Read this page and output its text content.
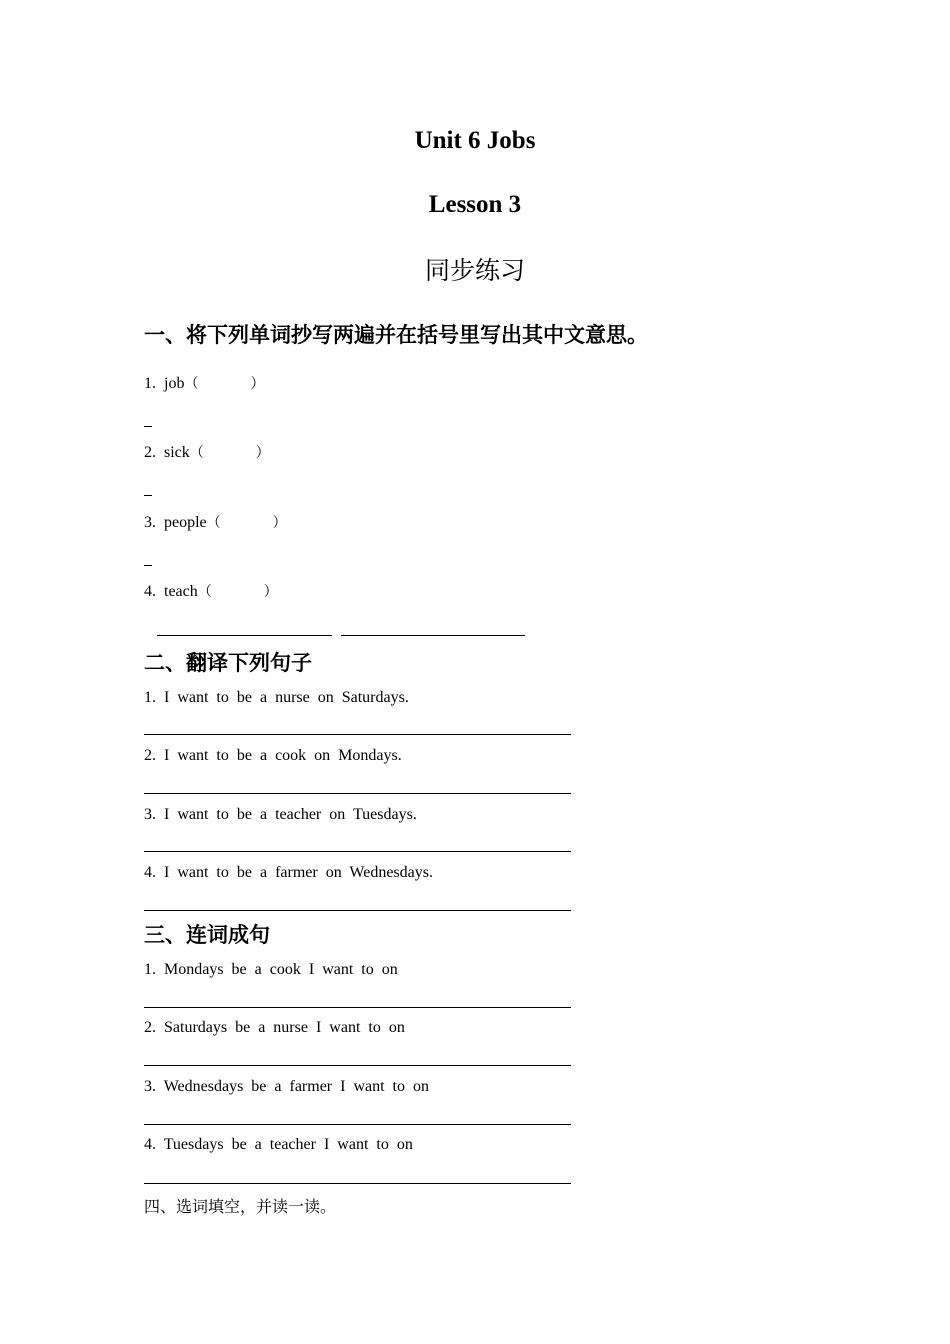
Unit 6 Jobs
Lesson 3
同步练习
一、将下列单词抄写两遍并在括号里写出其中文意思。
1. job（	）
2. sick（	）
3. people（	）
4. teach（	）
二、翻译下列句子
1. I want to be a nurse on Saturdays.
2. I want to be a cook on Mondays.
3. I want to be a teacher on Tuesdays.
4. I want to be a farmer on Wednesdays.
三、连词成句
1. Mondays be a cook I want to on
2. Saturdays be a nurse I want to on
3. Wednesdays be a farmer I want to on
4. Tuesdays be a teacher I want to on
四、选词填空，并读一读。
